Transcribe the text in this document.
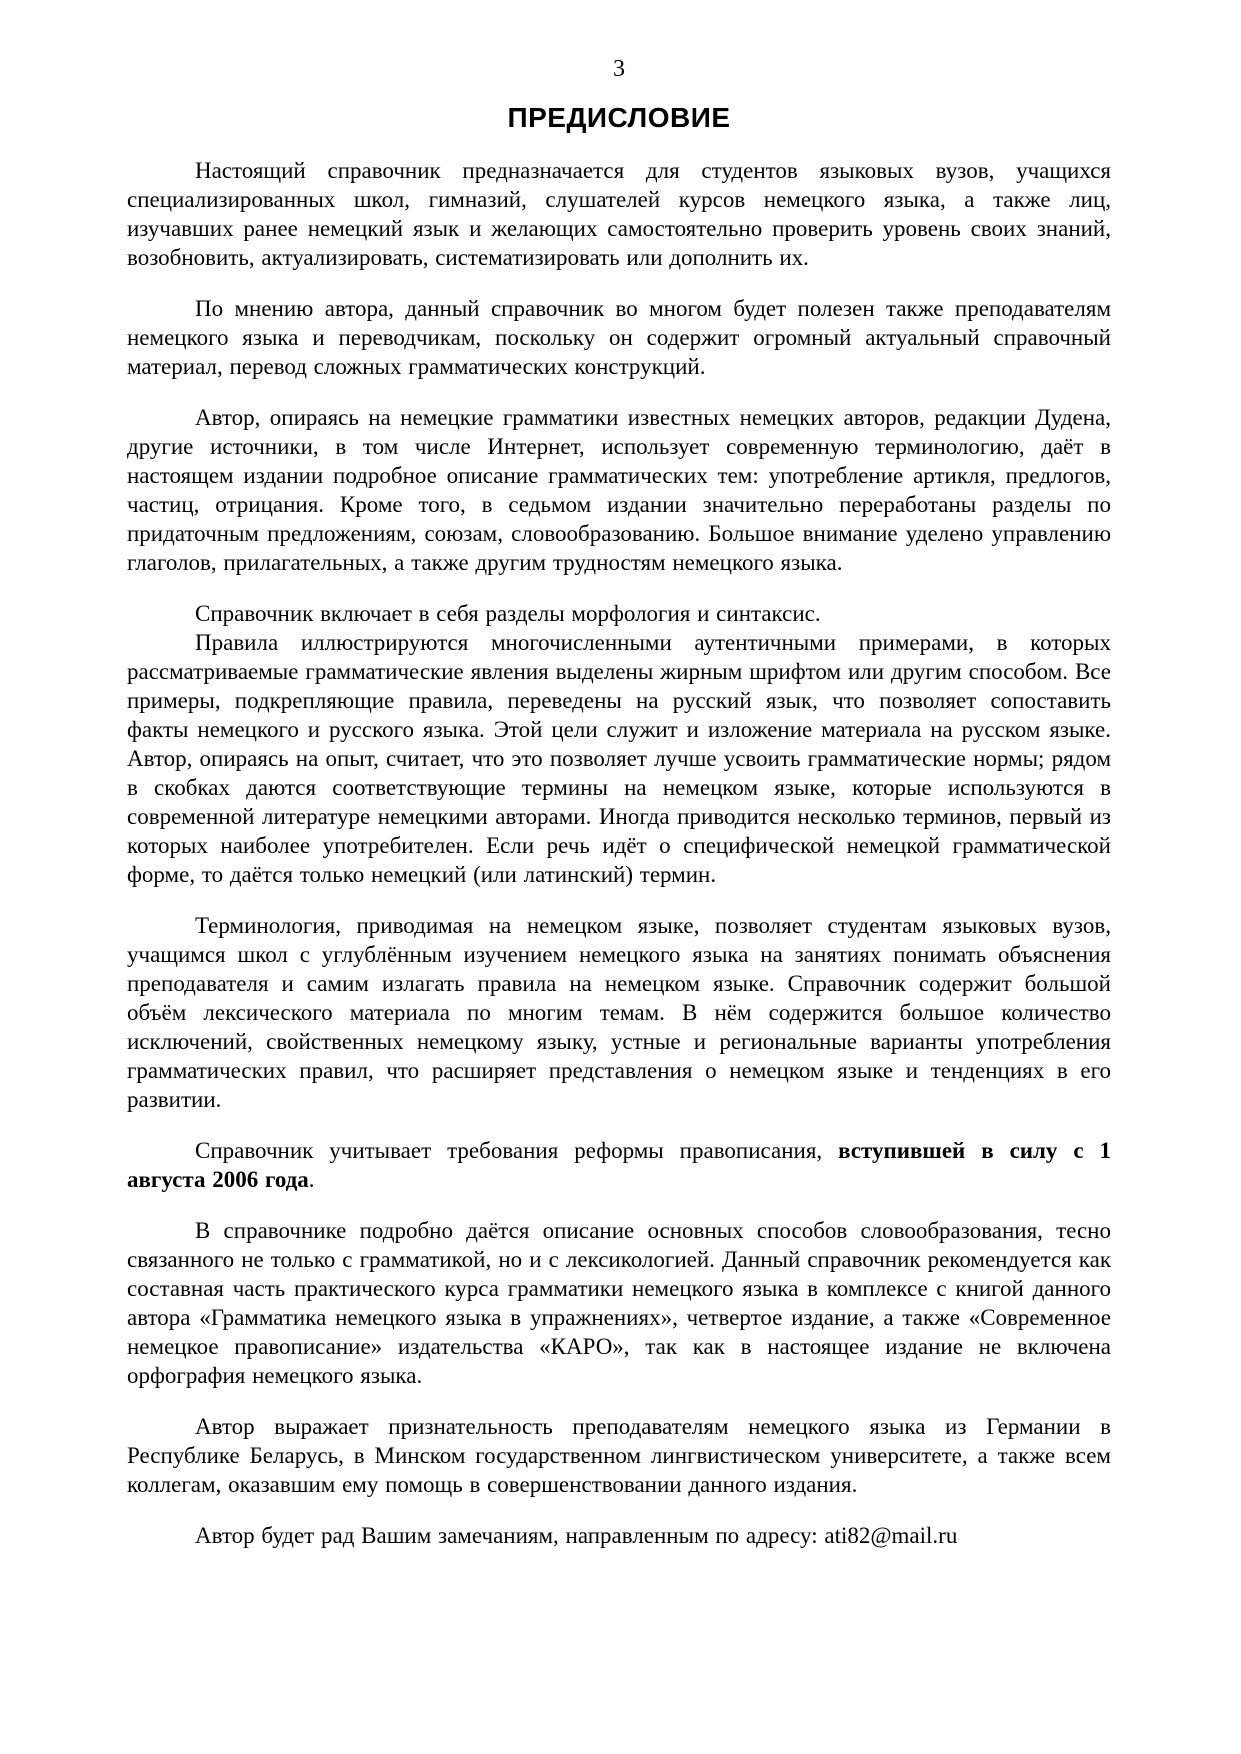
3
ПРЕДИСЛОВИЕ

Настоящий справочник предназначается для студентов языковых вузов, учащихся специализированных школ, гимназий, слушателей курсов немецкого языка, а также лиц, изучавших ранее немецкий язык и желающих самостоятельно проверить уровень своих знаний, возобновить, актуализировать, систематизировать или дополнить их.

По мнению автора, данный справочник во многом будет полезен также преподавателям немецкого языка и переводчикам, поскольку он содержит огромный актуальный справочный материал, перевод сложных грамматических конструкций.

Автор, опираясь на немецкие грамматики известных немецких авторов, редакции Дудена, другие источники, в том числе Интернет, использует современную терминологию, даёт в настоящем издании подробное описание грамматических тем: употребление артикля, предлогов, частиц, отрицания. Кроме того, в седьмом издании значительно переработаны разделы по придаточным предложениям, союзам, словообразованию. Большое внимание уделено управлению глаголов, прилагательных, а также другим трудностям немецкого языка.

Справочник включает в себя разделы морфология и синтаксис.

Правила иллюстрируются многочисленными аутентичными примерами, в которых рассматриваемые грамматические явления выделены жирным шрифтом или другим способом. Все примеры, подкрепляющие правила, переведены на русский язык, что позволяет сопоставить факты немецкого и русского языка. Этой цели служит и изложение материала на русском языке. Автор, опираясь на опыт, считает, что это позволяет лучше усвоить грамматические нормы; рядом в скобках даются соответствующие термины на немецком языке, которые используются в современной литературе немецкими авторами. Иногда приводится несколько терминов, первый из которых наиболее употребителен. Если речь идёт о специфической немецкой грамматической форме, то даётся только немецкий (или латинский) термин.

Терминология, приводимая на немецком языке, позволяет студентам языковых вузов, учащимся школ с углублённым изучением немецкого языка на занятиях понимать объяснения преподавателя и самим излагать правила на немецком языке. Справочник содержит большой объём лексического материала по многим темам. В нём содержится большое количество исключений, свойственных немецкому языку, устные и региональные варианты употребления грамматических правил, что расширяет представления о немецком языке и тенденциях в его развитии.

Справочник учитывает требования реформы правописания, вступившей в силу с 1 августа 2006 года.

В справочнике подробно даётся описание основных способов словообразования, тесно связанного не только с грамматикой, но и с лексикологией. Данный справочник рекомендуется как составная часть практического курса грамматики немецкого языка в комплексе с книгой данного автора «Грамматика немецкого языка в упражнениях», четвертое издание, а также «Современное немецкое правописание» издательства «КАРО», так как в настоящее издание не включена орфография немецкого языка.

Автор выражает признательность преподавателям немецкого языка из Германии в Республике Беларусь, в Минском государственном лингвистическом университете, а также всем коллегам, оказавшим ему помощь в совершенствовании данного издания.

Автор будет рад Вашим замечаниям, направленным по адресу: ati82@mail.ru
